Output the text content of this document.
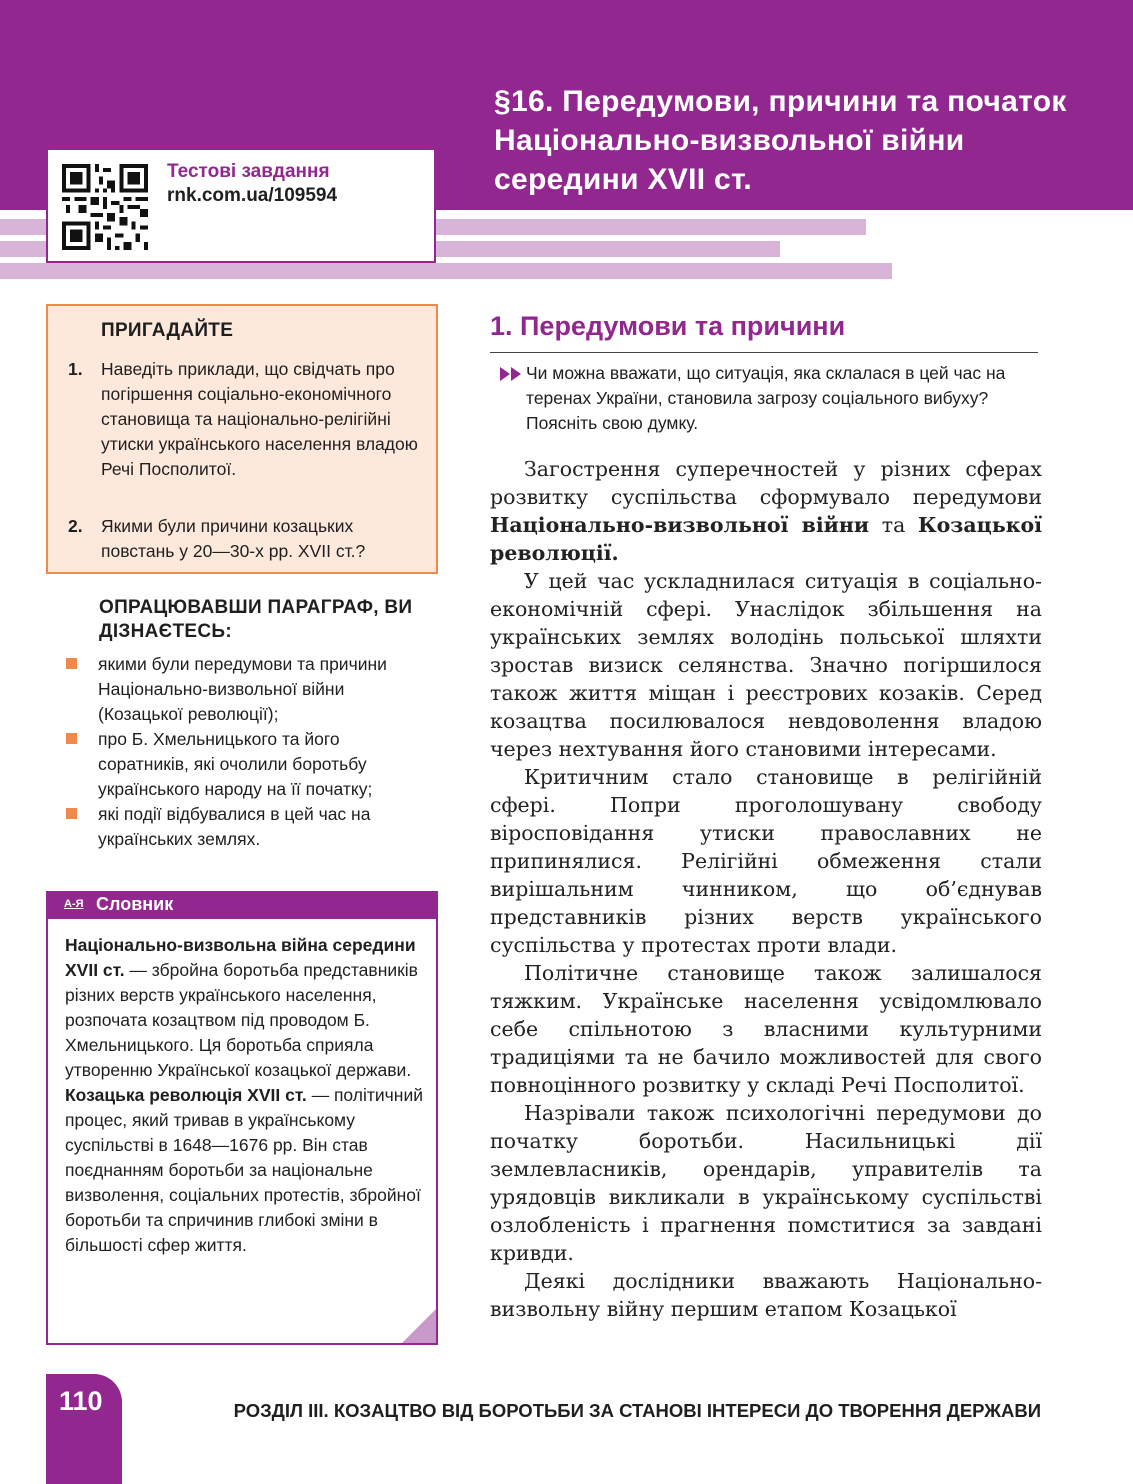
§16. Передумови, причини та початок
Національно-визвольної війни
середини XVII ст.
Тестові завдання
rnk.com.ua/109594
ПРИГАДАЙТЕ
1. Наведіть приклади, що свідчать про погіршення соціально-економічного становища та національно-релігійні утиски українського населення владою Речі Посполитої.
2. Якими були причини козацьких повстань у 20—30-х рр. XVII ст.?
ОПРАЦЮВАВШИ ПАРАГРАФ, ВИ ДІЗНАЄТЕСЬ:
якими були передумови та причини Національно-визвольної війни (Козацької революції);
про Б. Хмельницького та його соратників, які очолили боротьбу українського народу на її початку;
які події відбувалися в цей час на українських землях.
А-Я Словник
Національно-визвольна війна середини XVII ст. — збройна боротьба представників різних верств українського населення, розпочата козацтвом під проводом Б. Хмельницького. Ця боротьба сприяла утворенню Української козацької держави.
Козацька революція XVII ст. — політичний процес, який тривав в українському суспільстві в 1648—1676 рр. Він став поєднанням боротьби за національне визволення, соціальних протестів, збройної боротьби та спричинив глибокі зміни в більшості сфер життя.
1. Передумови та причини
Чи можна вважати, що ситуація, яка склалася в цей час на теренах України, становила загрозу соціального вибуху? Поясніть свою думку.

Загострення суперечностей у різних сферах розвитку суспільства сформувало передумови Національно-визвольної війни та Козацької революції.

У цей час ускладнилася ситуація в соціально-економічній сфері. Унаслідок збільшення на українських землях володінь польської шляхти зростав визиск селянства. Значно погіршилося також життя міщан і реєстрових козаків. Серед козацтва посилювалося невдоволення владою через нехтування його становими інтересами.

Критичним стало становище в релігійній сфері. Попри проголошувану свободу віросповідання утиски православних не припинялися. Релігійні обмеження стали вирішальним чинником, що об’єднував представників різних верств українського суспільства у протестах проти влади.

Політичне становище також залишалося тяжким. Українське населення усвідомлювало себе спільнотою з власними культурними традиціями та не бачило можливостей для свого повноцінного розвитку у складі Речі Посполитої.

Назрівали також психологічні передумови до початку боротьби. Насильницькі дії землевласників, орендарів, управителів та урядовців викликали в українському суспільстві озлобленість і прагнення помститися за завдані кривди.

Деякі дослідники вважають Національно-визвольну війну першим етапом Козацької

110	РОЗДІЛ III. КОЗАЦТВО ВІД БОРОТЬБИ ЗА СТАНОВІ ІНТЕРЕСИ ДО ТВОРЕННЯ ДЕРЖАВИ
